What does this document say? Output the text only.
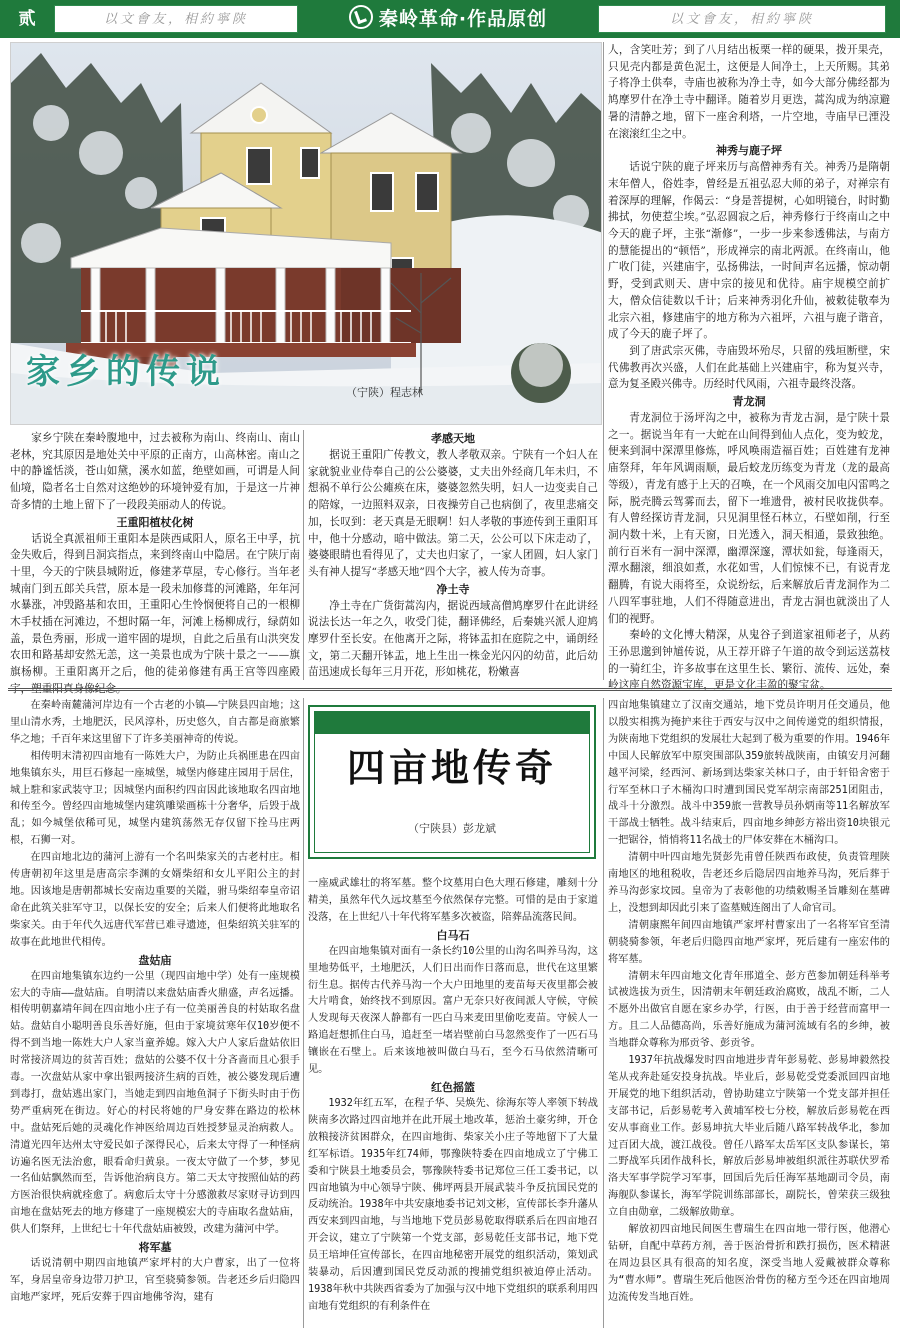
贰	以文會友，相約寧陕	秦岭革命·作品原创	以文會友，相約寧陕
家乡的传说
（宁陕）程志林

家乡宁陕在秦岭腹地中，过去被称为南山、终南山、南山老林，究其原因是地处关中平原的正南方，山高林密。南山之中的静谧恬淡，苍山如黛，溪水如蓝，绝壁如画，可谓是人间仙境，隐者名士自然对这绝妙的环境钟爱有加，于是这一片神奇多情的土地上留下了一段段美丽动人的传说。

王重阳植杖化树

话说全真派祖师王重阳本是陕西咸阳人，原名王中孚，抗金失败后，得到吕洞宾指点，来到终南山中隐居。在宁陕厅南十里，今天的宁陕县城附近，修建茅草屋，专心修行。当年老城南门到五郎关兵营，原本是一段未加修葺的河滩路，年年河水暴涨，冲毁路基和农田，王重阳心生怜悯便将自己的一根柳木手杖插在河滩边，不想时隔一年，河滩上杨柳成行，绿荫如盖，景色秀丽，形成一道牢固的堤坝，自此之后虽有山洪突发农田和路基却安然无恙，这一美景也成为宁陕十景之一——旗旗杨柳。王重阳离开之后，他的徒弟修建有禹王宫等四座殿宇，塑重阳真身像纪念。

孝感天地

据说王重阳广传教文，教人孝敬双亲。宁陕有一个妇人在家就貌业业侍奉自己的公公婆婆，丈夫出外经商几年未归，不想祸不单行公公瘫痪在床，婆婆忽然失明，妇人一边变卖自己的陪嫁，一边照料双亲，日夜操劳自己也病倒了，夜里悲痛交加，长叹到：老天真是无眼啊！妇人孝敬的事迹传到王重阳耳中，他十分感动，暗中做法。第二天，公公可以下床走动了，婆婆眼睛也看得见了，丈夫也归家了，一家人团圆，妇人家门头有神人提写“孝感天地”四个大字，被人传为奇事。

净土寺

净土寺在广货街蒿沟内，据说西域高僧鸠摩罗什在此讲经说法长达一年之久，收受门徒，翻译佛经，后秦姚兴派人迎鸠摩罗什至长安。在他离开之际，将钵盂扣在庭院之中，诵朗经文，第二天翻开钵盂，地上生出一株金光闪闪的幼苗，此后幼苗迅速成长每年三月开花，形如桃花，粉嫩喜

人，含笑吐芳；到了八月结出板栗一样的硬果，拨开果壳，只见壳内都是黄色泥土，这便是人间净土，上天所赐。其弟子将净土供奉，寺庙也被称为净土寺，如今大部分佛经都为鸠摩罗什在净土寺中翻译。随着岁月更迭，蒿沟成为纳凉避暑的清静之地，留下一座舍利塔，一片空地，寺庙早已湮没在滚滚红尘之中。

神秀与鹿子坪

话说宁陕的鹿子坪来历与高僧神秀有关。神秀乃是隋朝末年僧人，俗姓李，曾经是五祖弘忍大师的弟子，对禅宗有着深厚的理解，作偈云：“身是菩提树，心如明镜台，时时勤拂拭，勿使惹尘埃。”弘忍圆寂之后，神秀修行于终南山之中今天的鹿子坪，主张“渐修”，一步一步来参透佛法，与南方的慧能提出的“顿悟”，形成禅宗的南北两派。在终南山，他广收门徒，兴建庙宇，弘扬佛法，一时间声名远播，惊动朝野，受到武则天、唐中宗的接见和优待。庙宇规模空前扩大，僧众信徒数以千计；后来神秀羽化升仙，被敕徒敬奉为北宗六祖，修建庙宇的地方称为六祖坪，六祖与鹿子谐音，成了今天的鹿子坪了。

到了唐武宗灭佛，寺庙毁坏殆尽，只留的残垣断壁，宋代佛教再次兴盛，人们在此基础上兴建庙宇，称为复兴寺，意为复圣殿兴佛寺。历经时代风雨，六祖寺最终没落。

青龙洞

青龙洞位于汤坪沟之中，被称为青龙古洞，是宁陕十景之一。据说当年有一大蛇在山间得到仙人点化，变为蛟龙，便来到洞中深潭里修炼，呼风唤雨造福百姓；百姓建有龙神庙祭拜，年年风调雨顺，最后蛟龙历练变为青龙（龙的最高等级），青龙有感于上天的召唤，在一个风雨交加电闪雷鸣之际，脱壳腾云驾雾而去，留下一堆遗骨，被村民收拢供奉。有人曾经探访青龙洞，只见洞里怪石林立，石壁如削，行至洞内数十米，上有天窗，日光透入，洞天相通，景致独绝。前行百米有一洞中深潭，幽潭深邃，潭状如瓮，每逢雨天，潭水翻滚，细浪如煮，水花如雪，人们惊悚不已，有说青龙翻腾，有说大雨将至，众说纷纭，后来解放后青龙洞作为二八四军事驻地，人们不得随意进出，青龙古洞也就淡出了人们的视野。

秦岭的文化博大精深，从鬼谷子到道家祖师老子，从药王孙思邈到钟馗传说，从王荐开辟子午道的故令到运送荔枝的一骑红尘，许多故事在这里生长、繁衍、流传、远处，秦岭这座自然资源宝库，更是文化丰盈的聚宝盆。

在秦岭南麓蒲河岸边有一个古老的小镇——宁陕县四亩地；这里山清水秀，土地肥沃，民风淳朴，历史悠久，自古都是商旅繁华之地；千百年来这里留下了许多美丽神奇的传说。

相传明末清初四亩地有一陈姓大户，为防止兵祸匪患在四亩地集镇东头，用巨石修起一座城堡，城堡内修建庄园用于居住，城上駐和家武装守卫；因城堡内面积约四亩因此该地取名四亩地和传至今。曾经四亩地城堡内建筑雕梁画栋十分奢华，后毁于战乱；如今城堡依稀可见，城堡内建筑荡然无存仅留下拴马庄两根，石狮一对。

在四亩地北边的蒲河上游有一个名叫柴家关的古老村庄。相传唐朝初年这里是唐高宗李渊的女婿柴绍和女儿平阳公主的封地。因该地是唐朝都城长安南边重要的关隘，驸马柴绍奉皇帝诏命在此筑关驻军守卫，以保长安的安全；后来人们便将此地取名柴家关。由于年代久远唐代军营已难寻遗迹，但柴绍筑关驻军的故事在此地世代相传。

盘姑庙

在四亩地集镇东边约一公里（现四亩地中学）处有一座规模宏大的寺庙——盘姑庙。自明清以来盘姑庙香火鼎盛，声名远播。相传明朝嘉靖年间在四亩地小庄子有一位美丽善良的村姑取名盘姑。盘姑自小聪明善良乐善好施，但由于家境贫寒年仅10岁便不得不到当地一陈姓大户人家当童养媳。嫁入大户人家后盘姑依旧时常接济周边的贫苦百姓；盘姑的公婆不仅十分吝啬而且心狠手毒。一次盘姑从家中拿出银两接济生病的百姓，被公婆发现后遭到毒打，盘姑逃出家门，当她走到四亩地鱼洞子下街头时由于伤势严重病死在街边。好心的村民将她的尸身安葬在路边的松林中。盘姑死后她的灵魂化作神医给周边百姓授梦显灵治病救人。清道光四年达州太守爱民如子深得民心，后来太守得了一种怪病访遍名医无法治愈，眼看命归黄泉。一夜太守做了一个梦，梦见一名仙姑飘然而至，告诉他治病良方。第二天太守按照仙姑的药方医治很快病就痊愈了。病愈后太守十分感激救尽家财寻访到四亩地在盘姑死去的地方修建了一座规模宏大的寺庙取名盘姑庙，供人们祭拜，上世纪七十年代盘姑庙被毁，改建为蒲河中学。

将军墓

话说清朝中期四亩地镇严家坪村的大户曹家，出了一位将军，身居皇帝身边带刀护卫，官至骁骑参领。告老还乡后归隐四亩地严家坪，死后安葬于四亩地佛爷沟，建有

四亩地传奇
（宁陕县）彭龙斌

一座威武雄壮的将军墓。整个坟墓用白色大理石修建，雕刻十分精美，虽然年代久远坟墓至今依然保存完整。可惜的是由于家道没落，在上世纪八十年代将军墓多次被盗，陪葬品流落民间。

白马石

在四亩地集镇对面有一条长约10公里的山沟名叫养马沟，这里地势低平，土地肥沃，人们日出而作日落而息，世代在这里繁衍生息。据传古代养马沟一个大户田地里的麦苗每天夜里都会被大片啃食，始终找不到原因。富户无奈只好夜间派人守候，守候人发现每天夜深人静都有一匹白马来麦田里偷吃麦苗。守候人一路追赶想抓住白马，追赶至一堵岩壁前白马忽然变作了一匹石马镶嵌在石壁上。后来该地被叫做白马石，至今石马依然清晰可见。

红色摇篮

1932年红五军，在程子华、吴焕先、徐海东等人率领下转战陕南多次路过四亩地并在此开展土地改革，惩治土豪劣绅，开仓放粮接济贫困群众，在四亩地街、柴家关小庄子等地留下了大量红军标语。1935年红74师，鄂豫陕特委在四亩地成立了宁佛工委和宁陕县土地委员会，鄂豫陕特委书记郑位三任工委书记，以四亩地镇为中心领导宁陕、佛坪两县开展武装斗争反抗国民党的反动统治。1938年中共安康地委书记刘文彬，宣传部长李升藩从西安来到四亩地，与当地地下党员彭易乾取得联系后在四亩地召开会议，建立了宁陕第一个党支部，彭易乾任支部书记，地下党员王培坤任宣传部长，在四亩地秘密开展党的组织活动，策划武装暴动，后因遭到国民党反动派的搜捕党组织被迫停止活动。1938年秋中共陕西省委为了加强与汉中地下党组织的联系利用四亩地有党组织的有利条件在

四亩地集镇建立了汉南交通站，地下党员许明月任交通员，他以殷实相携为掩护来往于西安与汉中之间传递党的组织情报，为陕南地下党组织的发展壮大起到了极为重要的作用。1946年中国人民解放军中原突围部队359旅转战陕南，由镇安月河翻越平河梁，经西河、新场到达柴家关林口子，由于轩铅舍密于行军至林口子木桶沟口时遭到国民党军胡宗南部251团阻击，战斗十分激烈。战斗中359旅一营教导员孙炳南等11名解放军干部战士牺牲。战斗结束后，四亩地乡绅彭方裕出资10块银元一把锯谷，悄悄将11名战士的尸体安葬在木桶沟口。

清朝中叶四亩地先贤彭先甫曾任陕西布政使，负责管理陕南地区的地租税收，告老还乡后隐居四亩地养马沟，死后葬于养马沟彭家坟园。皇帝为了表彰他的功绩敕赐圣旨雕刻在墓碑上，没想到却因此引来了盗墓贼连阁出了人命官司。

清朝康熙年间四亩地镇严家坪村曹家出了一名将军官至清朝骁骑参领，年老后归隐四亩地严家坪，死后建有一座宏伟的将军墓。

清朝末年四亩地文化青年邢道全、彭方芭参加朝廷科举考试被选拔为贡生，因清朝末年朝廷政治腐败，战乱不断，二人不愿外出做官自愿在家乡办学，行医，由于善于经营而富甲一方。且二人品德高尚，乐善好施成为蒲河流域有名的乡绅，被当地群众尊称为邢贡爷、彭贡爷。

1937年抗战爆发时四亩地进步青年彭易乾、彭易坤毅然投笔从戎奔赴延安投身抗战。毕业后，彭易乾受党委派回四亩地开展党的地下组织活动，曾协助建立宁陕第一个党支部并担任支部书记，后彭易乾考入黄埔军校七分校，解放后彭易乾在西安从事商业工作。彭易坤抗大毕业后随八路军转战华北，参加过百团大战，渡江战役。曾任八路军太岳军区支队参谋长，第二野战军兵团作战科长，解放后彭易坤被组织派往苏联伏罗希洛夫军事学院学习军事，回国后先后任海军基地副司令员，南海舰队参谋长，海军学院训练部部长，副院长，曾荣获三级独立自由勋章，二级解放勋章。

解放初四亩地民间医生曹瑞生在四亩地一带行医，他潜心钻研，自配中草药方剂，善于医治骨折和跌打损伤，医术精湛在周边县区具有很高的知名度，深受当地人爱戴被群众尊称为“曹水师”。曹瑞生死后他医治骨伤的秘方至今还在四亩地周边流传发当地百姓。
